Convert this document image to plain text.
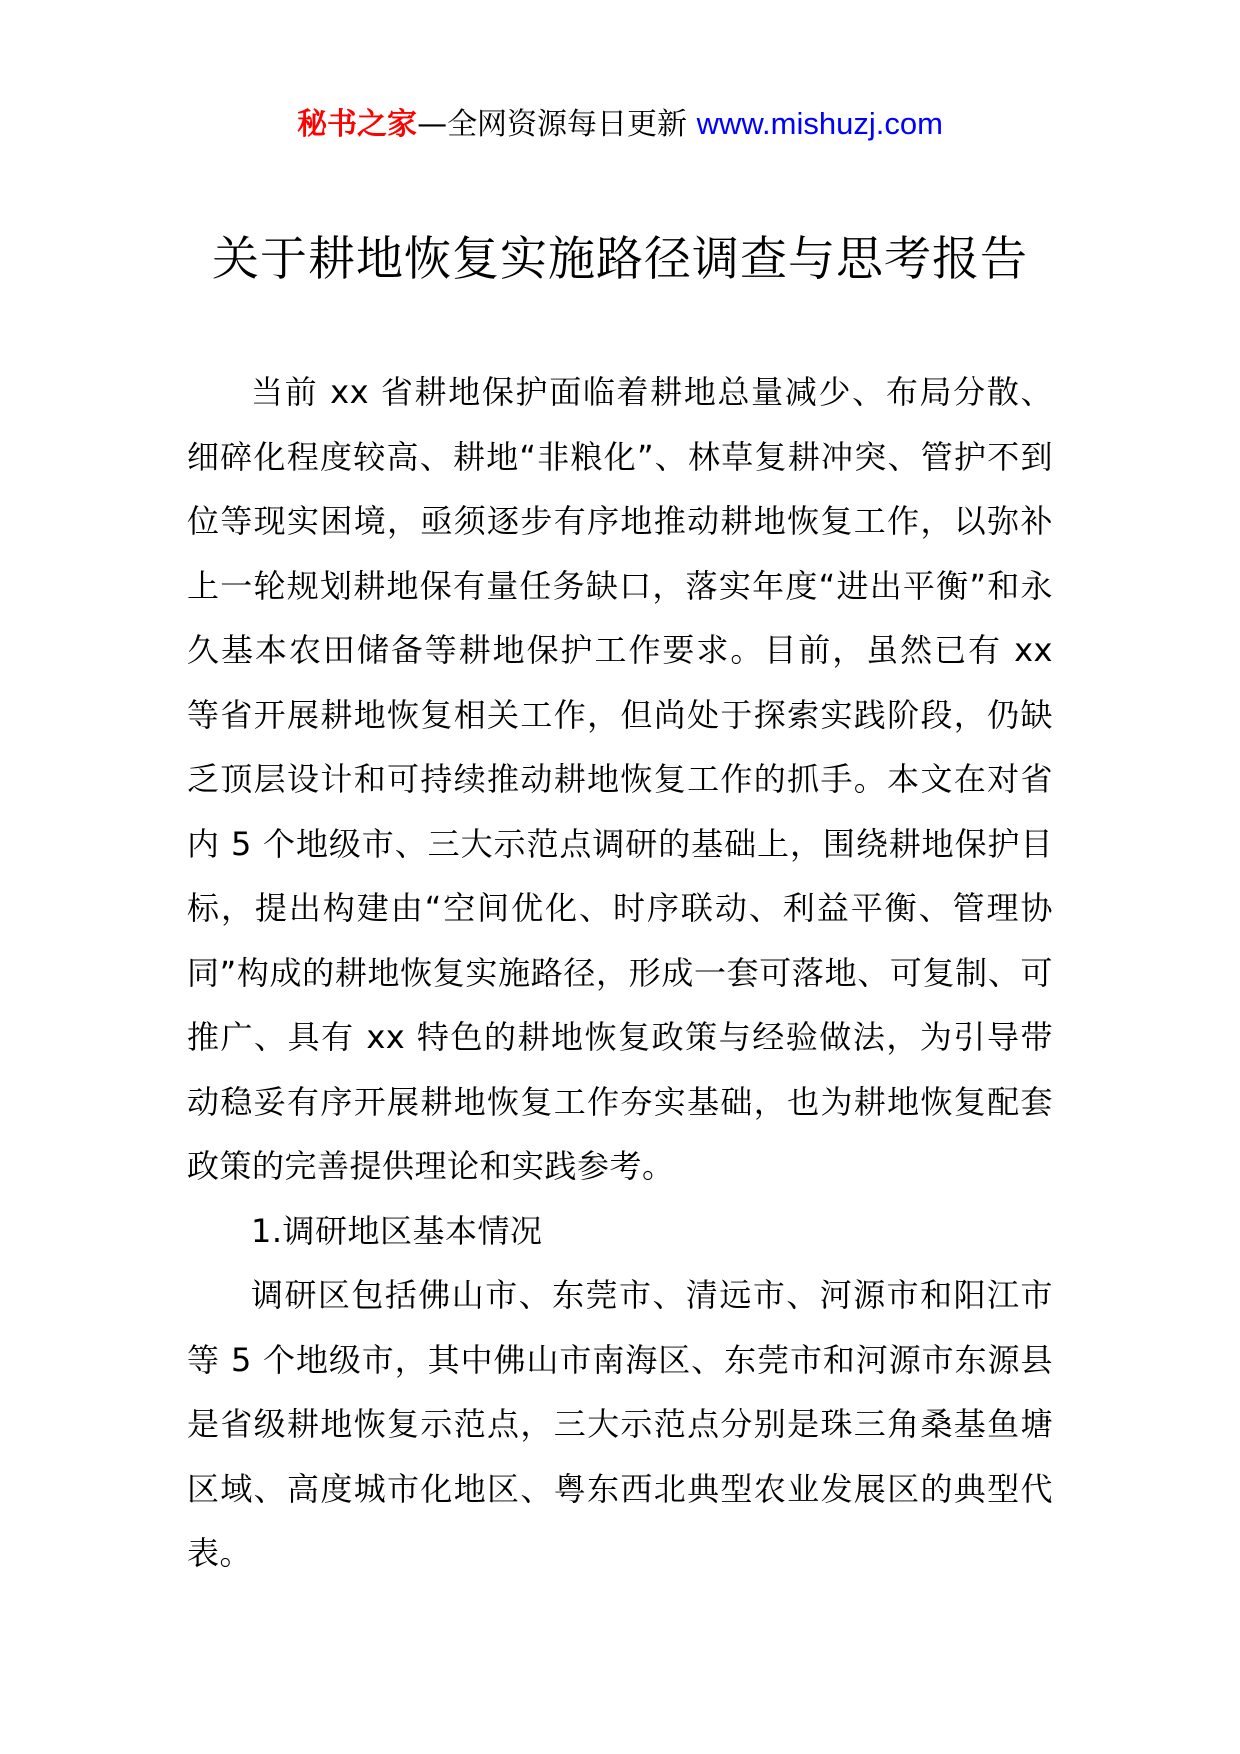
秘书之家—全网资源每日更新 www.mishuzj.com
关于耕地恢复实施路径调查与思考报告

当前 xx 省耕地保护面临着耕地总量减少、布局分散、细碎化程度较高、耕地“非粮化”、林草复耕冲突、管护不到位等现实困境，亟须逐步有序地推动耕地恢复工作，以弥补上一轮规划耕地保有量任务缺口，落实年度“进出平衡”和永久基本农田储备等耕地保护工作要求。目前，虽然已有 xx 等省开展耕地恢复相关工作，但尚处于探索实践阶段，仍缺乏顶层设计和可持续推动耕地恢复工作的抓手。本文在对省内 5 个地级市、三大示范点调研的基础上，围绕耕地保护目标，提出构建由“空间优化、时序联动、利益平衡、管理协同”构成的耕地恢复实施路径，形成一套可落地、可复制、可推广、具有 xx 特色的耕地恢复政策与经验做法，为引导带动稳妥有序开展耕地恢复工作夯实基础，也为耕地恢复配套政策的完善提供理论和实践参考。

1.调研地区基本情况

调研区包括佛山市、东莞市、清远市、河源市和阳江市等 5 个地级市，其中佛山市南海区、东莞市和河源市东源县是省级耕地恢复示范点，三大示范点分别是珠三角桑基鱼塘区域、高度城市化地区、粤东西北典型农业发展区的典型代表。
